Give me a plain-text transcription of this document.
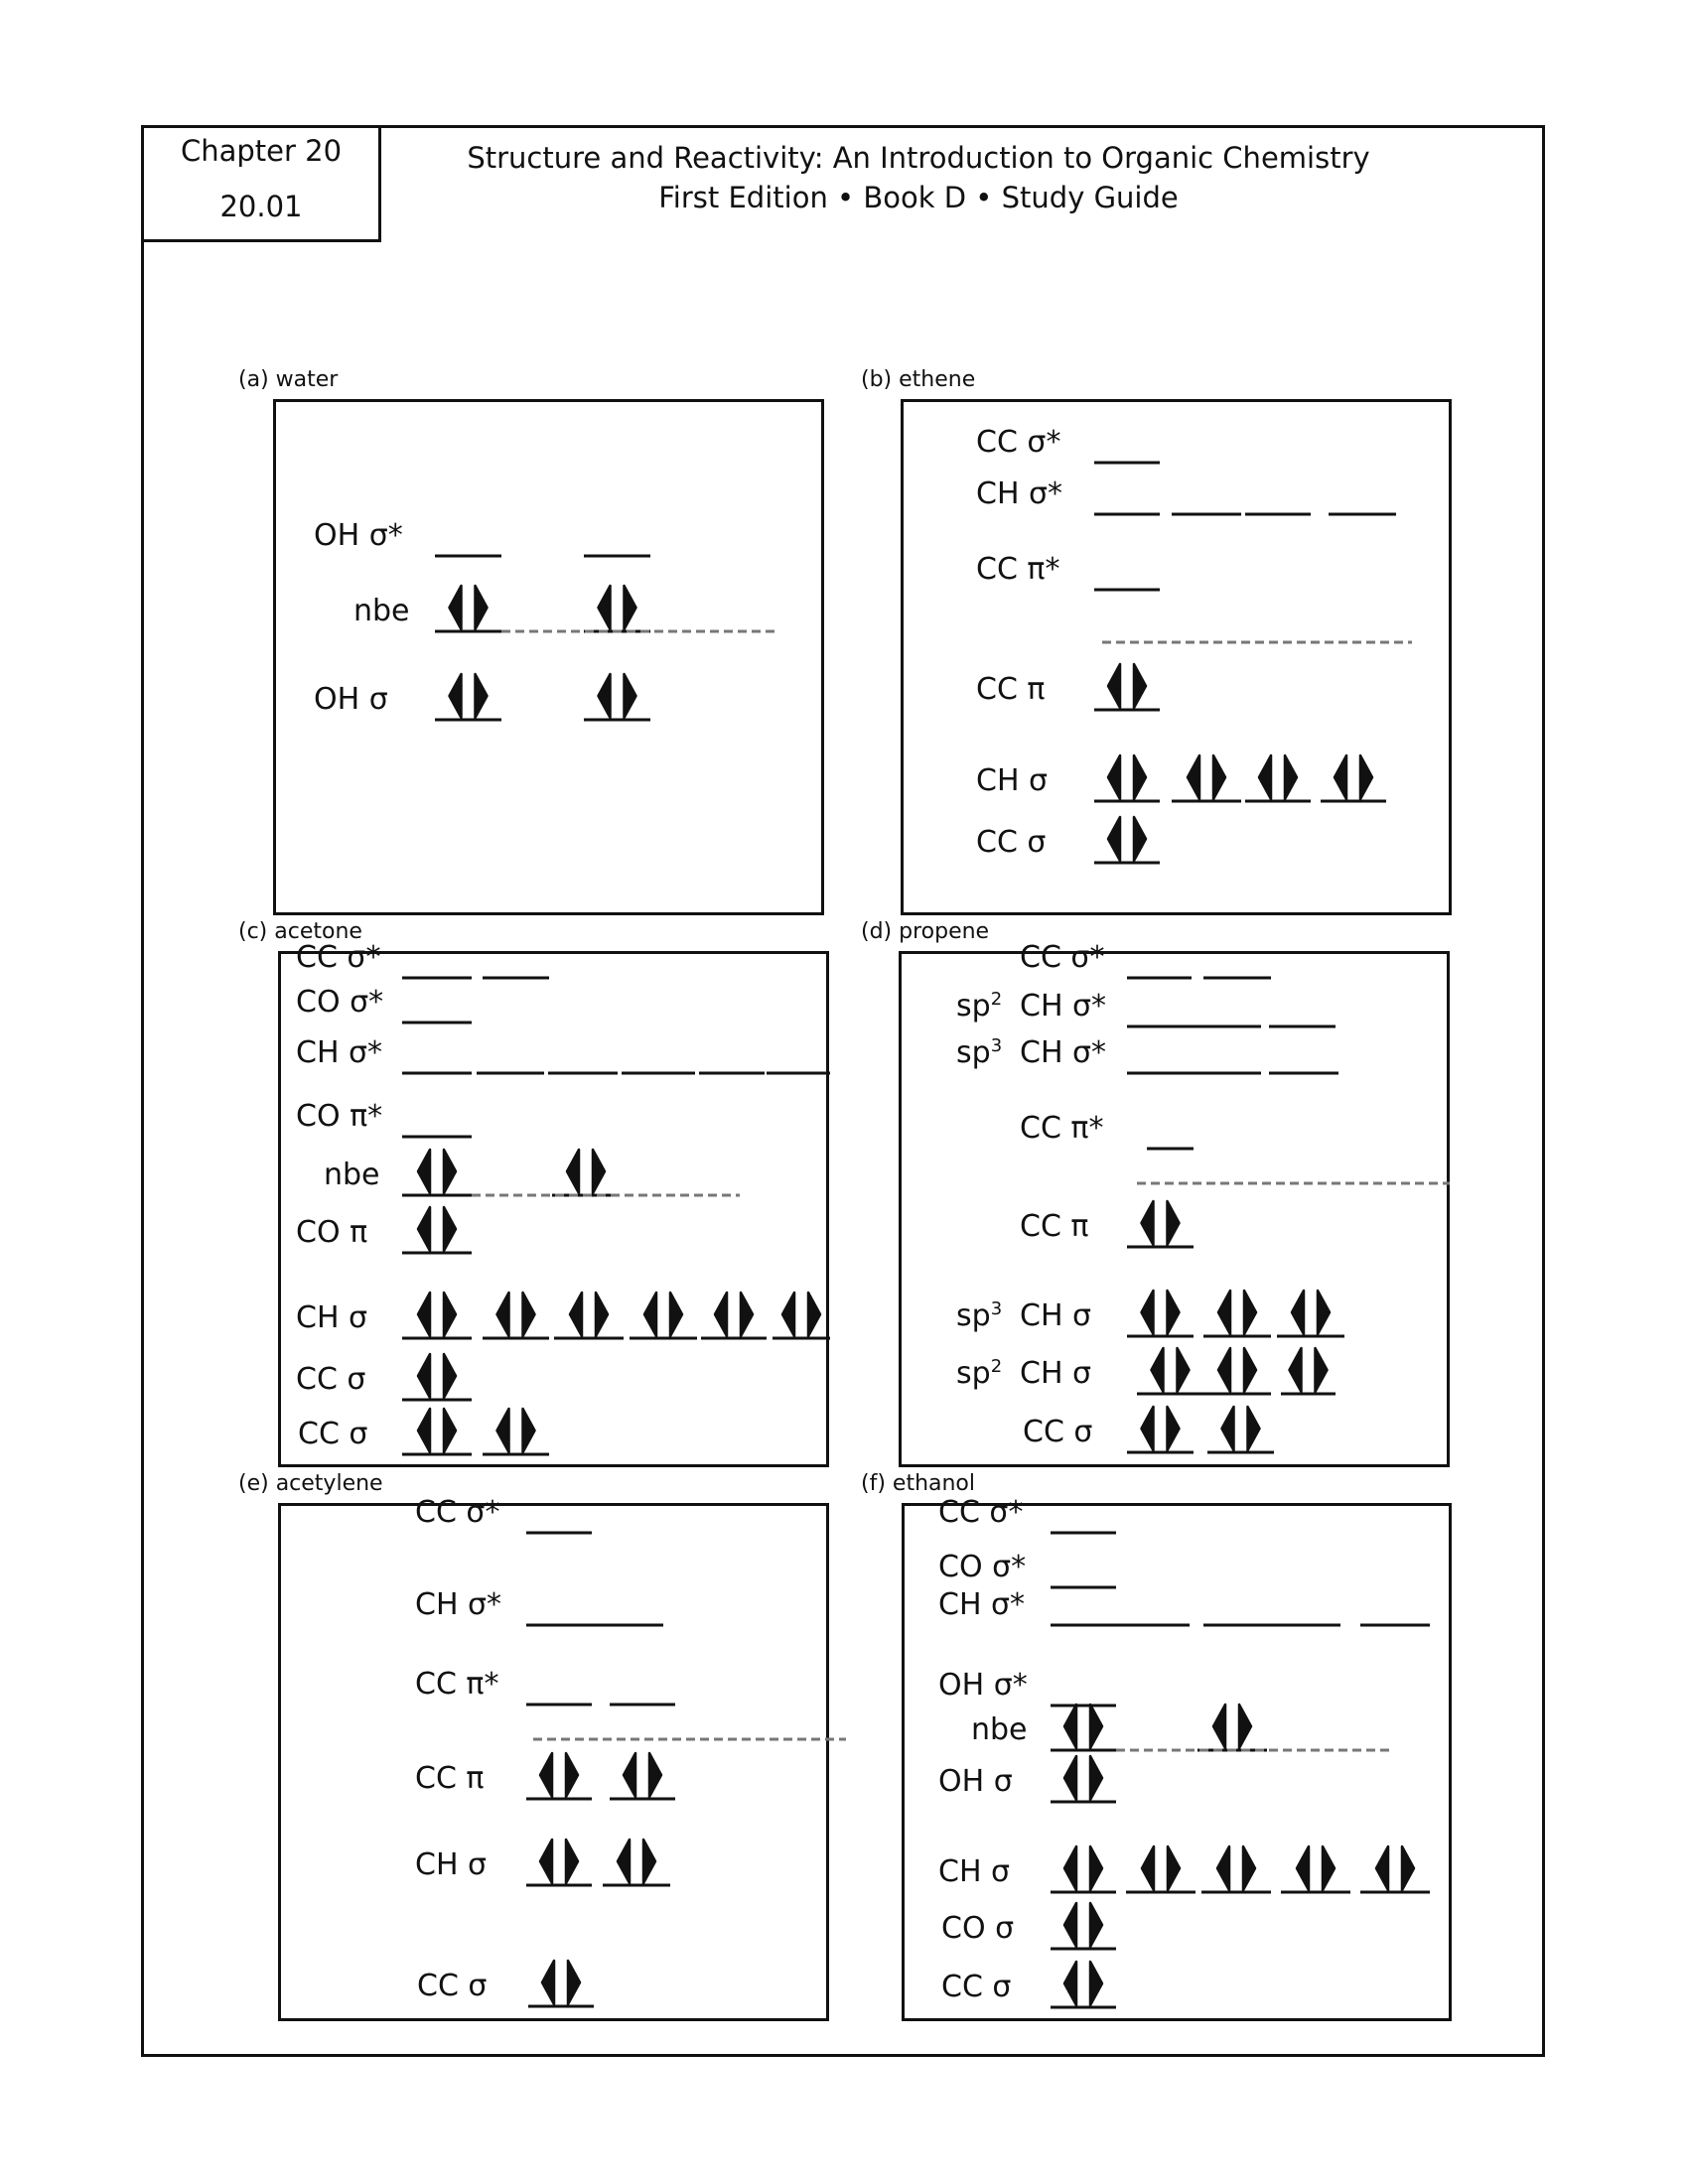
Chapter 20
20.01
Structure and Reactivity: An Introduction to Organic Chemistry
First Edition • Book D • Study Guide
(a) water
OH σ*
nbe
OH σ
(b) ethene
CC σ*
CH σ*
CC π*
CC π
CH σ
CC σ
(c) acetone
CC σ*
CO σ*
CH σ*
CO π*
nbe
CO π
CH σ
CC σ
CC σ
(d) propene
CC σ*
$sp^2$ CH σ*
$sp^3$ CH σ*
CC π*
CC π
$sp^3$ CH σ
$sp^2$ CH σ
CC σ
(e) acetylene
CC σ*
CH σ*
CC π*
CC π
CH σ
CC σ
(f) ethanol
CC σ*
CO σ*
CH σ*
OH σ*
nbe
OH σ
CH σ
CO σ
CC σ
